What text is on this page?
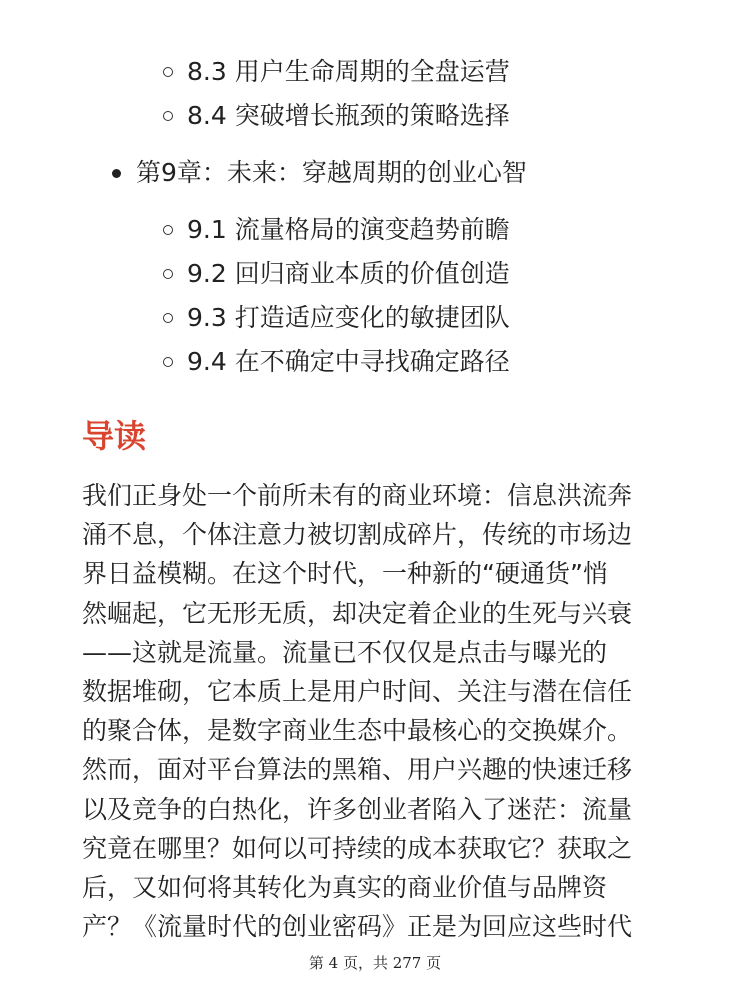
8.3 用户生命周期的全盘运营
8.4 突破增长瓶颈的策略选择
第9章：未来：穿越周期的创业心智
9.1 流量格局的演变趋势前瞻
9.2 回归商业本质的价值创造
9.3 打造适应变化的敏捷团队
9.4 在不确定中寻找确定路径
导读
我们正身处一个前所未有的商业环境：信息洪流奔
涌不息，个体注意力被切割成碎片，传统的市场边
界日益模糊。在这个时代，一种新的“硬通货”悄
然崛起，它无形无质，却决定着企业的生死与兴衰
——这就是流量。流量已不仅仅是点击与曝光的
数据堆砌，它本质上是用户时间、关注与潜在信任
的聚合体，是数字商业生态中最核心的交换媒介。
然而，面对平台算法的黑箱、用户兴趣的快速迁移
以及竞争的白热化，许多创业者陷入了迷茫：流量
究竟在哪里？如何以可持续的成本获取它？获取之
后，又如何将其转化为真实的商业价值与品牌资
产？《流量时代的创业密码》正是为回应这些时代
第 4 页，共 277 页
